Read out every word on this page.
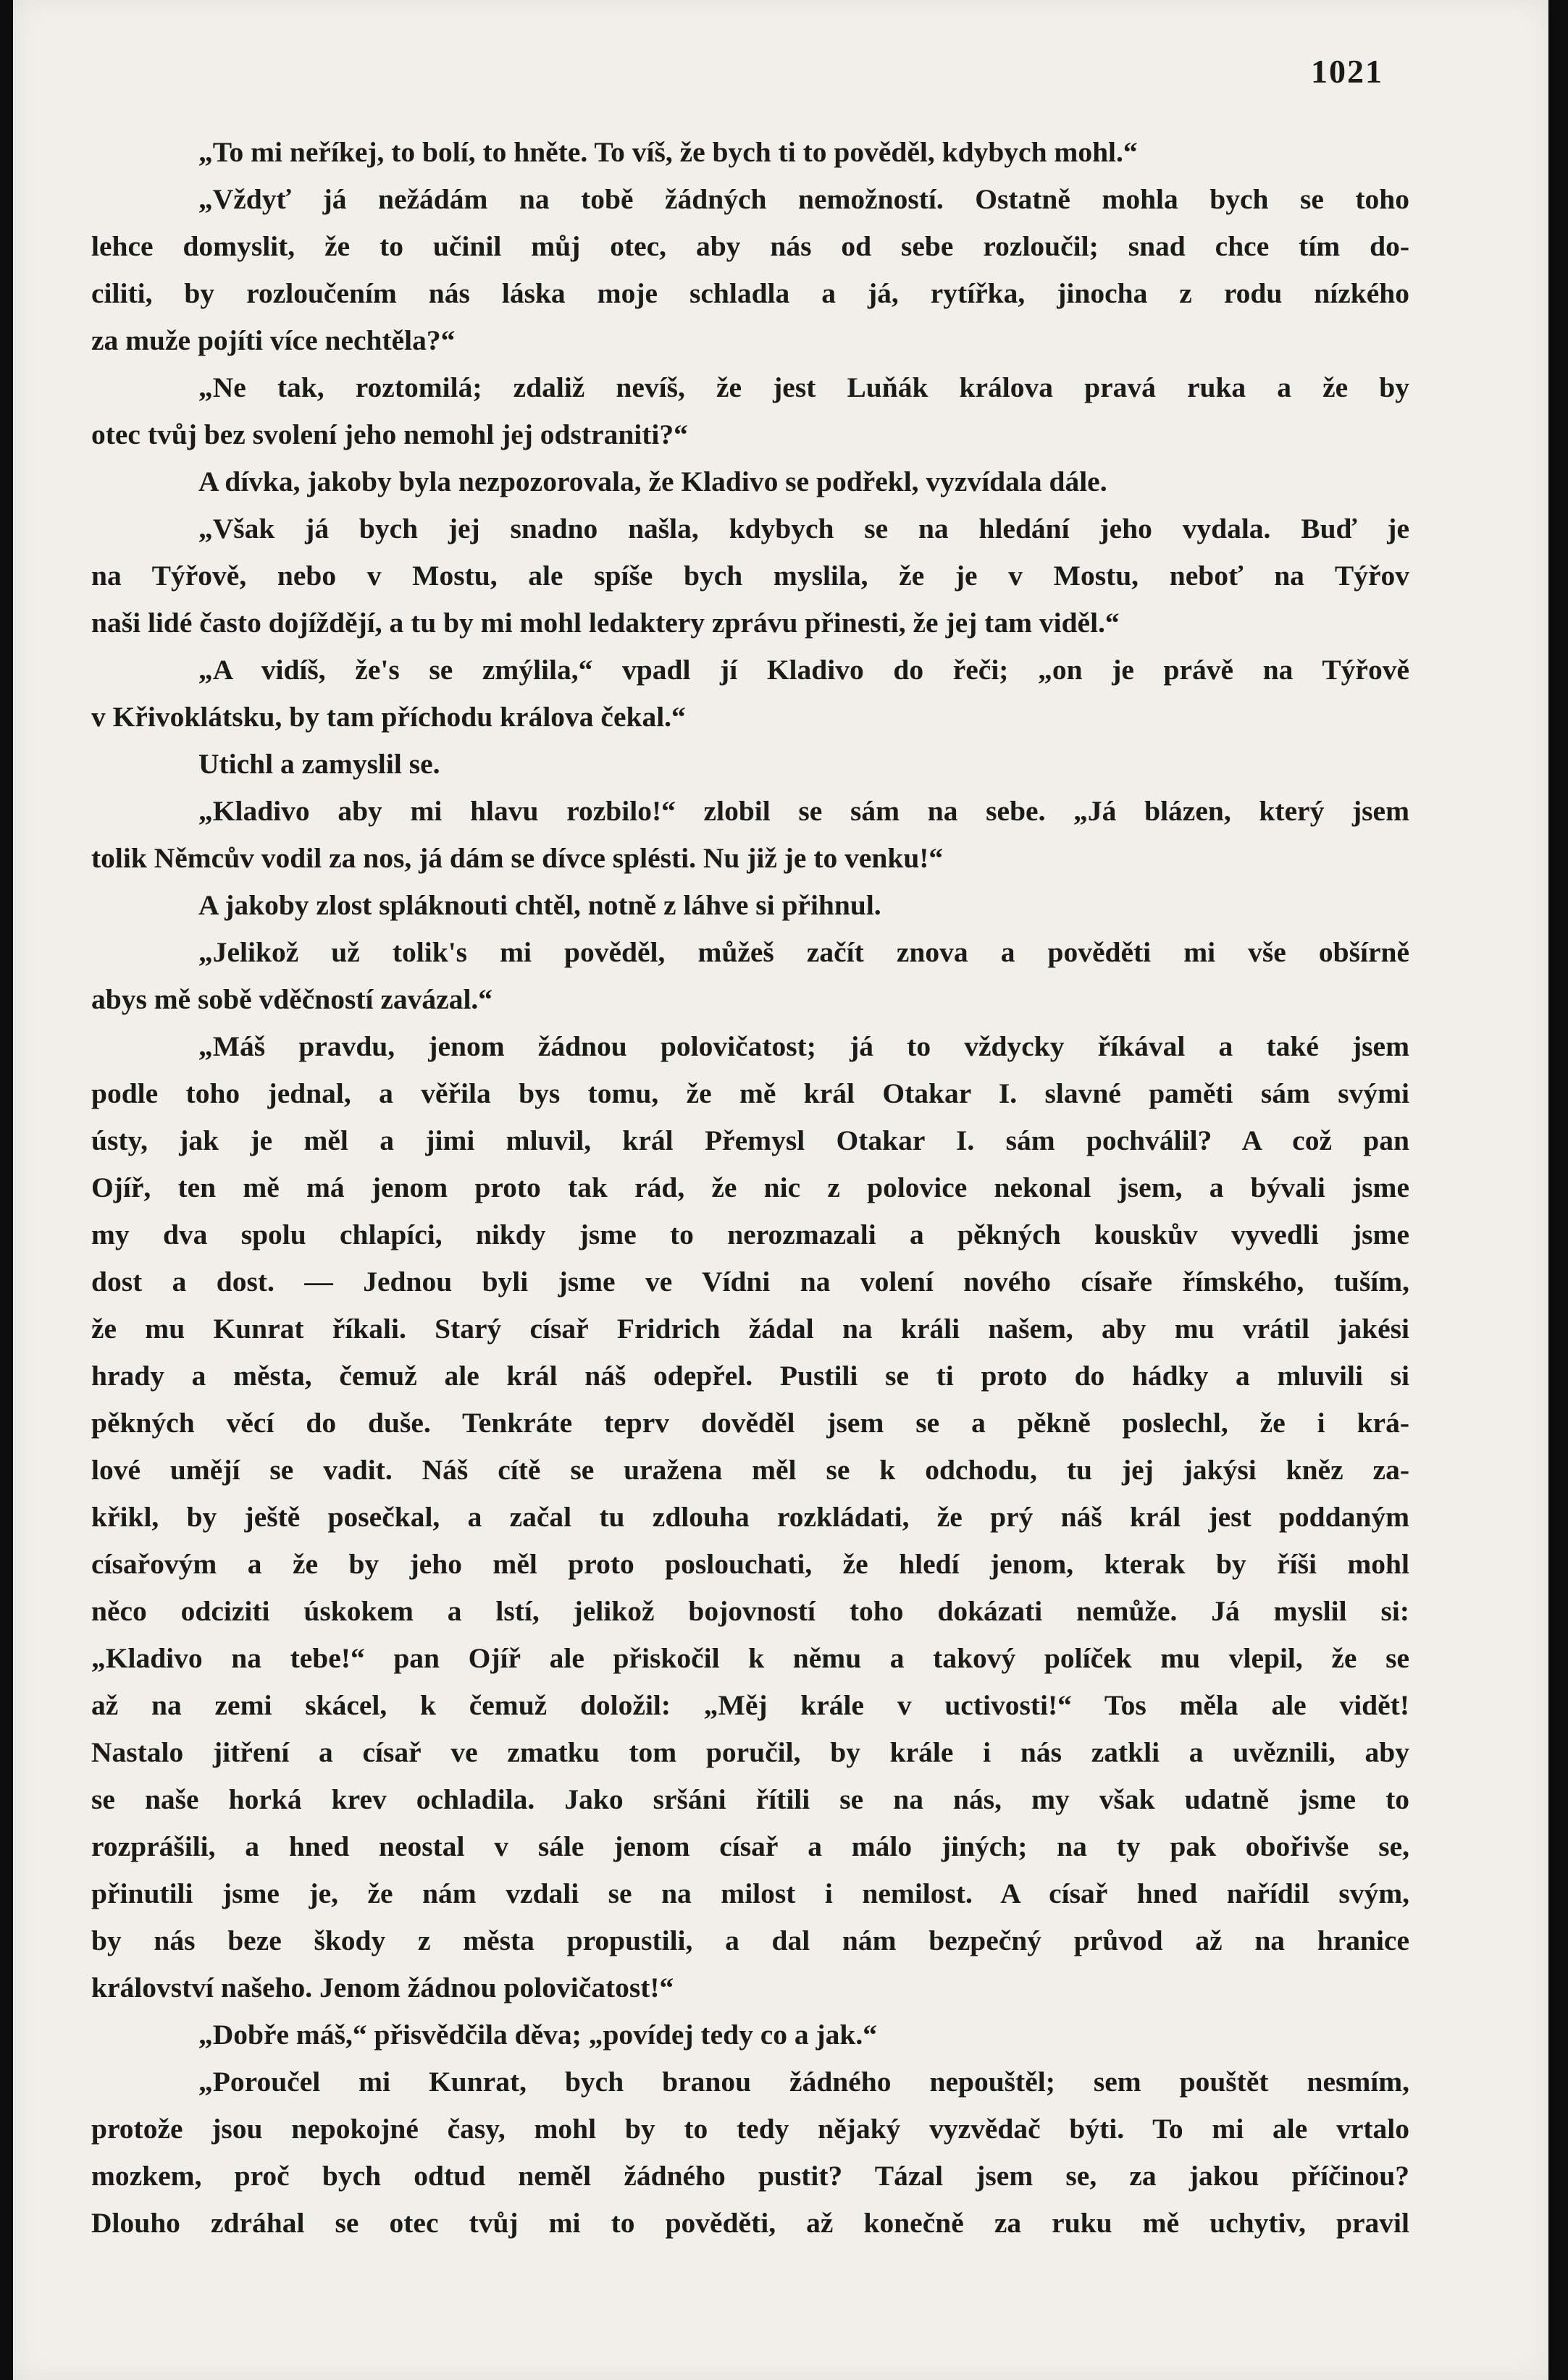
1021
„To mi neříkej, to bolí, to hněte. To víš, že bych ti to pověděl, kdybych mohl.“
„Vždyť já nežádám na tobě žádných nemožností. Ostatně mohla bych se toho
lehce domyslit, že to učinil můj otec, aby nás od sebe rozloučil; snad chce tím do-
ciliti, by rozloučením nás láska moje schladla a já, rytířka, jinocha z rodu nízkého
za muže pojíti více nechtěla?“
„Ne tak, roztomilá; zdaliž nevíš, že jest Luňák králova pravá ruka a že by
otec tvůj bez svolení jeho nemohl jej odstraniti?“
A dívka, jakoby byla nezpozorovala, že Kladivo se podřekl, vyzvídala dále.
„Však já bych jej snadno našla, kdybych se na hledání jeho vydala. Buď je
na Týřově, nebo v Mostu, ale spíše bych myslila, že je v Mostu, neboť na Týřov
naši lidé často dojíždějí, a tu by mi mohl ledaktery zprávu přinesti, že jej tam viděl.“
„A vidíš, že's se zmýlila,“ vpadl jí Kladivo do řeči; „on je právě na Týřově
v Křivoklátsku, by tam příchodu králova čekal.“
Utichl a zamyslil se.
„Kladivo aby mi hlavu rozbilo!“ zlobil se sám na sebe. „Já blázen, který jsem
tolik Němcův vodil za nos, já dám se dívce splésti. Nu již je to venku!“
A jakoby zlost spláknouti chtěl, notně z láhve si přihnul.
„Jelikož už tolik's mi pověděl, můžeš začít znova a pověděti mi vše obšírně
abys mě sobě vděčností zavázal.“
„Máš pravdu, jenom žádnou polovičatost; já to vždycky říkával a také jsem
podle toho jednal, a věřila bys tomu, že mě král Otakar I. slavné paměti sám svými
ústy, jak je měl a jimi mluvil, král Přemysl Otakar I. sám pochválil? A což pan
Ojíř, ten mě má jenom proto tak rád, že nic z polovice nekonal jsem, a bývali jsme
my dva spolu chlapíci, nikdy jsme to nerozmazali a pěkných kouskův vyvedli jsme
dost a dost. — Jednou byli jsme ve Vídni na volení nového císaře římského, tuším,
že mu Kunrat říkali. Starý císař Fridrich žádal na králi našem, aby mu vrátil jakési
hrady a města, čemuž ale král náš odepřel. Pustili se ti proto do hádky a mluvili si
pěkných věcí do duše. Tenkráte teprv dověděl jsem se a pěkně poslechl, že i krá-
lové umějí se vadit. Náš cítě se uražena měl se k odchodu, tu jej jakýsi kněz za-
křikl, by ještě posečkal, a začal tu zdlouha rozkládati, že prý náš král jest poddaným
císařovým a že by jeho měl proto poslouchati, že hledí jenom, kterak by říši mohl
něco odciziti úskokem a lstí, jelikož bojovností toho dokázati nemůže. Já myslil si:
„Kladivo na tebe!“ pan Ojíř ale přiskočil k němu a takový políček mu vlepil, že se
až na zemi skácel, k čemuž doložil: „Měj krále v uctivosti!“ Tos měla ale vidět!
Nastalo jitření a císař ve zmatku tom poručil, by krále i nás zatkli a uvěznili, aby
se naše horká krev ochladila. Jako sršáni řítili se na nás, my však udatně jsme to
rozprášili, a hned neostal v sále jenom císař a málo jiných; na ty pak obořivše se,
přinutili jsme je, že nám vzdali se na milost i nemilost. A císař hned nařídil svým,
by nás beze škody z města propustili, a dal nám bezpečný průvod až na hranice
království našeho. Jenom žádnou polovičatost!“
„Dobře máš,“ přisvědčila děva; „povídej tedy co a jak.“
„Poroučel mi Kunrat, bych branou žádného nepouštěl; sem pouštět nesmím,
protože jsou nepokojné časy, mohl by to tedy nějaký vyzvědač býti. To mi ale vrtalo
mozkem, proč bych odtud neměl žádného pustit? Tázal jsem se, za jakou příčinou?
Dlouho zdráhal se otec tvůj mi to pověděti, až konečně za ruku mě uchytiv, pravil
